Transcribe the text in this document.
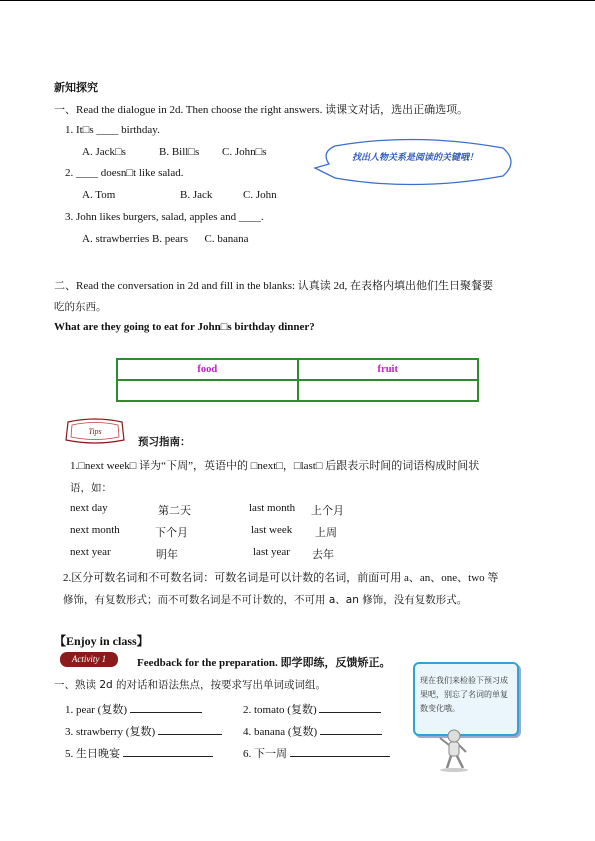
新知探究
一、Read the dialogue in 2d. Then choose the right answers. 读课文对话，选出正确选项。
1. It□s ____ birthday.
A. Jack□s	B. Bill□s C. John□s
2. ____ doesn□t like salad.
A. Tom	B. Jack	C. John
3. John likes burgers, salad, apples and ____.
A. strawberries B. pears      C. banana
找出人物关系是阅读的关键哦！
二、Read the conversation in 2d and fill in the blanks: 认真读 2d, 在表格内填出他们生日聚餐要
吃的东西。
What are they going to eat for John□s birthday dinner?
food	fruit

Tips
预习指南：
1.□next week□ 译为“下周”，英语中的 □next□，□last□ 后跟表示时间的词语构成时间状
语，如：
next day	第二天	last month 上个月
next month	下个月	last week 上周
next year	明年	last year 去年
2.区分可数名词和不可数名词：可数名词是可以计数的名词，前面可用 a、an、one、two 等
修饰，有复数形式；而不可数名词是不可计数的，不可用 a、an 修饰，没有复数形式。
【Enjoy in class】
Activity 1	Feedback for the preparation. 即学即练，反馈矫正。
一、熟读 2d 的对话和语法焦点，按要求写出单词或词组。
1. pear (复数)	2. tomato (复数)
3. strawberry (复数)	4. banana (复数)
5. 生日晚宴	6. 下一周
现在我们来检验下预习成果吧，别忘了名词的单复数变化哦。
